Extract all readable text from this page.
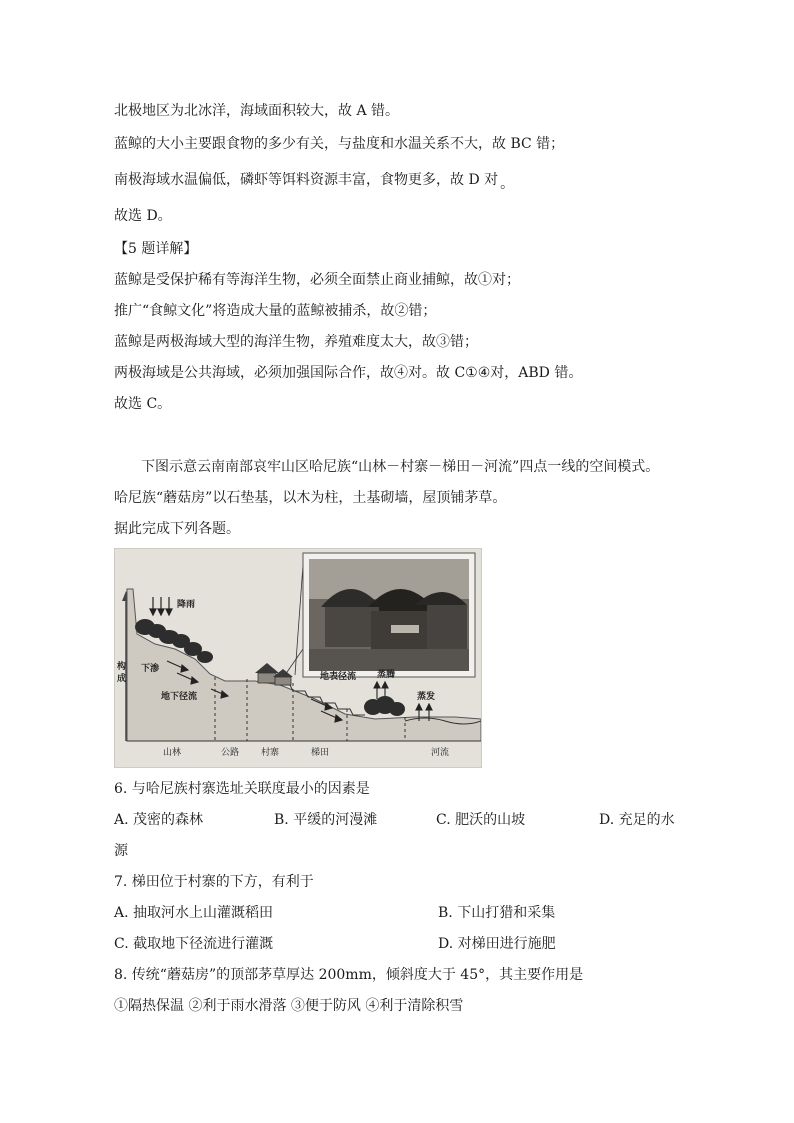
北极地区为北冰洋，海域面积较大，故 A 错。
蓝鲸的大小主要跟食物的多少有关，与盐度和水温关系不大，故 BC 错；
南极海域水温偏低，磷虾等饵料资源丰富，食物更多，故 D 对 。
故选 D。
【5 题详解】
蓝鲸是受保护稀有等海洋生物，必须全面禁止商业捕鲸，故①对；
推广“食鲸文化”将造成大量的蓝鲸被捕杀，故②错；
蓝鲸是两极海域大型的海洋生物，养殖难度太大，故③错；
两极海域是公共海域，必须加强国际合作，故④对。故 C①④对，ABD 错。
故选 C。
下图示意云南南部哀牢山区哈尼族“山林－村寨－梯田－河流”四点一线的空间模式。
哈尼族“蘑菇房”以石垫基，以木为柱，土基砌墙，屋顶铺茅草。
据此完成下列各题。
构
成
降雨
下渗
地下径流
地表径流 蒸腾
蒸发
山林	公路 村寨	梯田	河流
6. 与哈尼族村寨选址关联度最小的因素是
A. 茂密的森林	B. 平缓的河漫滩	C. 肥沃的山坡	D. 充足的水
源
7. 梯田位于村寨的下方，有利于
A. 抽取河水上山灌溉稻田	B. 下山打猎和采集
C. 截取地下径流进行灌溉	D. 对梯田进行施肥
8. 传统“蘑菇房”的顶部茅草厚达 200mm，倾斜度大于 45°，其主要作用是
①隔热保温 ②利于雨水滑落 ③便于防风 ④利于清除积雪
